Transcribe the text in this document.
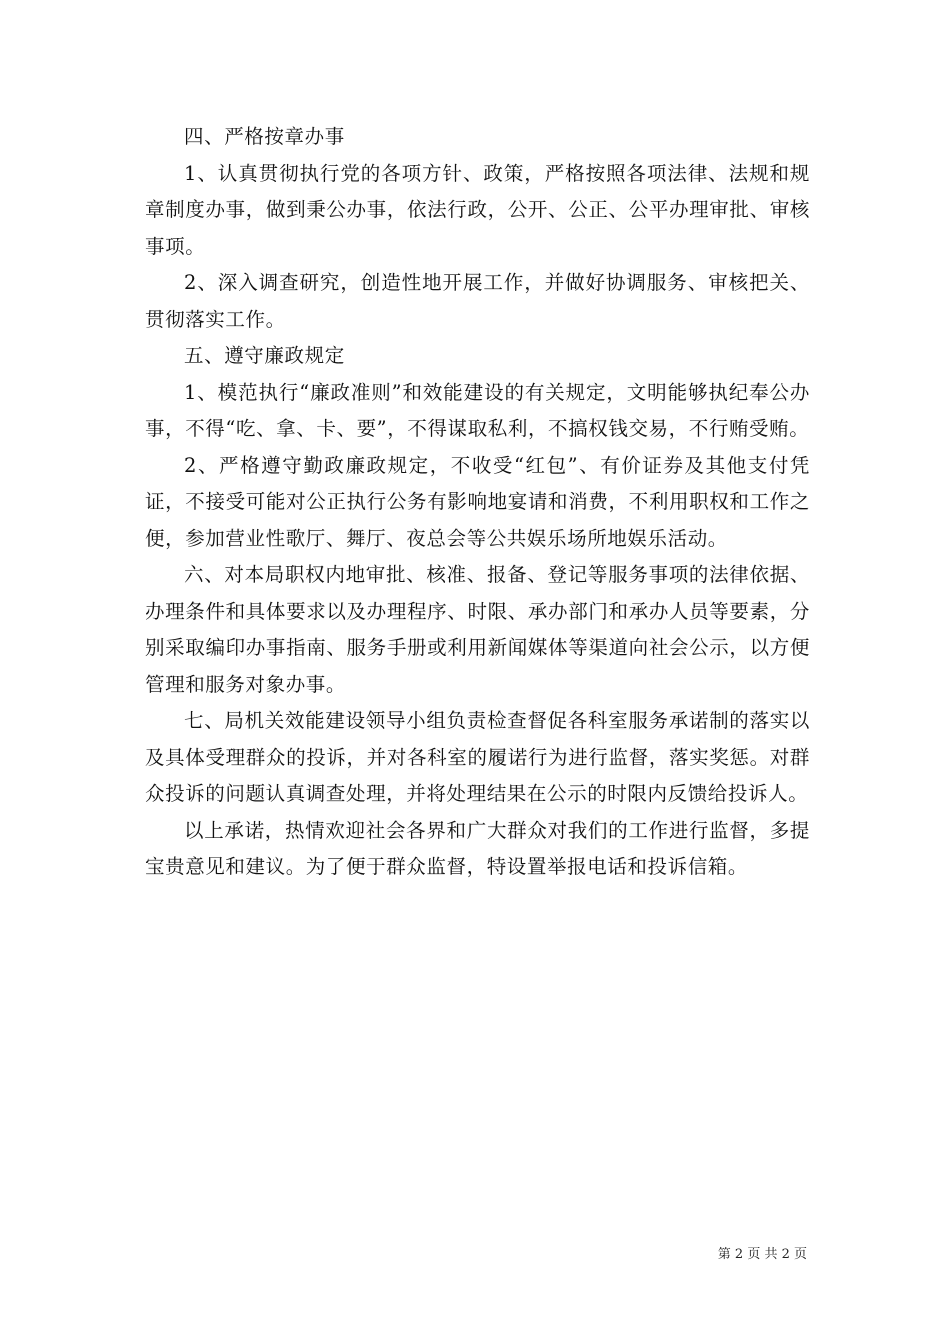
四、严格按章办事

1、认真贯彻执行党的各项方针、政策，严格按照各项法律、法规和规章制度办事，做到秉公办事，依法行政，公开、公正、公平办理审批、审核事项。

2、深入调查研究，创造性地开展工作，并做好协调服务、审核把关、贯彻落实工作。

五、遵守廉政规定

1、模范执行“廉政准则”和效能建设的有关规定，文明能够执纪奉公办事，不得“吃、拿、卡、要”，不得谋取私利，不搞权钱交易，不行贿受贿。

2、严格遵守勤政廉政规定，不收受“红包”、有价证券及其他支付凭证，不接受可能对公正执行公务有影响地宴请和消费，不利用职权和工作之便，参加营业性歌厅、舞厅、夜总会等公共娱乐场所地娱乐活动。

六、对本局职权内地审批、核准、报备、登记等服务事项的法律依据、办理条件和具体要求以及办理程序、时限、承办部门和承办人员等要素，分别采取编印办事指南、服务手册或利用新闻媒体等渠道向社会公示，以方便管理和服务对象办事。

七、局机关效能建设领导小组负责检查督促各科室服务承诺制的落实以及具体受理群众的投诉，并对各科室的履诺行为进行监督，落实奖惩。对群众投诉的问题认真调查处理，并将处理结果在公示的时限内反馈给投诉人。

以上承诺，热情欢迎社会各界和广大群众对我们的工作进行监督，多提宝贵意见和建议。为了便于群众监督，特设置举报电话和投诉信箱。

第 2 页 共 2 页
